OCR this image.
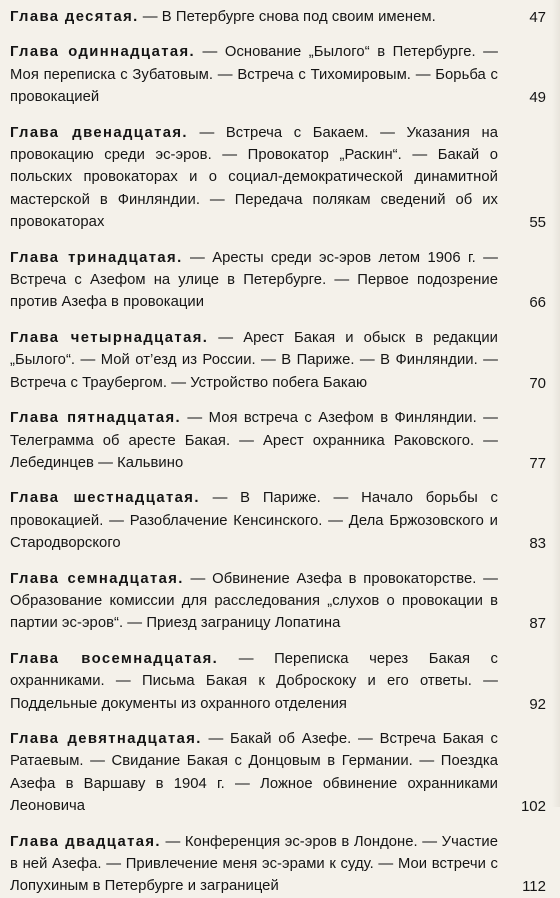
Глава десятая. — В Петербурге снова под своим именем.	47

Глава одиннадцатая. — Основание „Былого“ в Петербурге. — Моя переписка с Зубатовым. — Встреча с Тихомировым. — Борьба с провокацией	49

Глава двенадцатая. — Встреча с Бакаем. — Указания на провокацию среди эс-эров. — Провокатор „Раскин“. — Бакай о польских провокаторах и о социал-демократической динамитной мастерской в Финляндии. — Передача полякам сведений об их провокаторах	55

Глава тринадцатая. — Аресты среди эс-эров летом 1906 г. — Встреча с Азефом на улице в Петербурге. — Первое подозрение против Азефа в провокации	66

Глава четырнадцатая. — Арест Бакая и обыск в редакции „Былого“. — Мой от’езд из России. — В Париже. — В Финляндии. — Встреча с Траубергом. — Устройство побега Бакаю	70

Глава пятнадцатая. — Моя встреча с Азефом в Финляндии. — Телеграмма об аресте Бакая. — Арест охранника Раковского. — Лебединцев — Кальвино	77

Глава шестнадцатая. — В Париже. — Начало борьбы с провокацией. — Разоблачение Кенсинского. — Дела Бржозовского и Стародворского	83

Глава семнадцатая. — Обвинение Азефа в провокаторстве. — Образование комиссии для расследования „слухов о провокации в партии эс-эров“. — Приезд заграницу Лопатина	87

Глава восемнадцатая. — Переписка через Бакая с охранниками. — Письма Бакая к Доброскоку и его ответы. — Поддельные документы из охранного отделения	92

Глава девятнадцатая. — Бакай об Азефе. — Встреча Бакая с Ратаевым. — Свидание Бакая с Донцовым в Германии. — Поездка Азефа в Варшаву в 1904 г. — Ложное обвинение охранниками Леоновича	102

Глава двадцатая. — Конференция эс-эров в Лондоне. — Участие в ней Азефа. — Привлечение меня эс-эрами к суду. — Мои встречи с Лопухиным в Петербурге и заграницей	112
